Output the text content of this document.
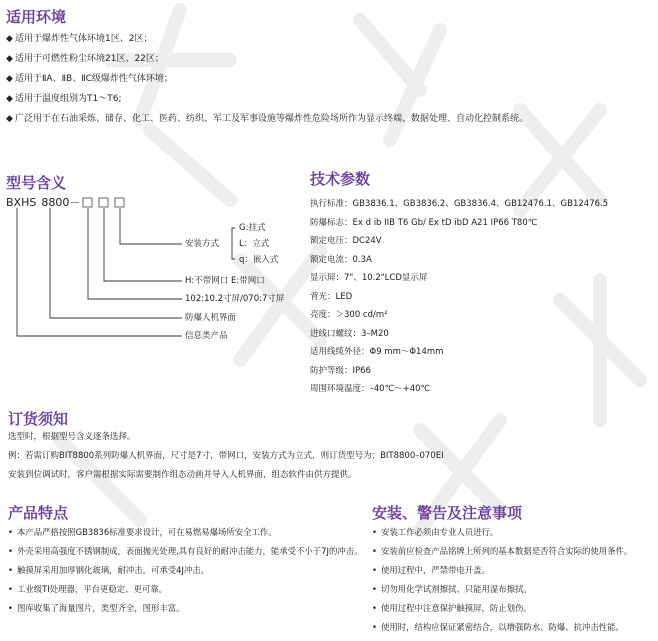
适用环境
◆ 适用于爆炸性气体环境1区、2区；
◆ 适用于可燃性粉尘环境21区、22区；
◆ 适用于ⅡA、ⅡB、ⅡC级爆炸性气体环境；
◆ 适用于温度组别为T1～T6;
◆ 广泛用于在石油采炼、储存、化工、医药、纺织、军工及军事设施等爆炸性危险场所作为显示终端、数据处理、自动化控制系统。
型号含义
BXHS 8800－
安装方式
G:挂式
L：立式
q：嵌入式
H:不带网口 E:带网口
102:10.2寸屏/070:7寸屏
防爆人机界面
信息类产品
技术参数
执行标准：GB3836.1、GB3836.2、GB3836.4、GB12476.1、GB12476.5
防爆标志：Ex d ib IIB T6 Gb/ Ex tD ibD A21 IP66 T80℃
额定电压：DC24V
额定电流：0.3A
显示屏：7"、10.2"LCD显示屏
背光：LED
亮度：＞300 cd/m²
进线口螺纹：3–M20
适用线缆外径：Φ9 mm～Φ14mm
防护等级：IP66
周围环境温度：–40℃～+40℃
订货须知
选型时，根据型号含义逐条选择。
例：若需订购BIT8800系列防爆人机界面，尺寸是7寸，带网口，安装方式为立式，则订货型号为：BIT8800–070EI
安装到位调试时，客户需根据实际需要制作组态动画并导入人机界面，组态软件由供方提供。
产品特点
• 本产品严格按照GB3836标准要求设计，可在易燃易爆场所安全工作。
• 外壳采用高强度不锈钢制成，表面抛光处理,具有良好的耐冲击能力，能承受不小于7J的冲击。
• 触摸屏采用加厚钢化玻璃，耐冲击，可承受4J冲击。
• 工业级TI处理器，平台更稳定、更可靠。
• 图库收集了海量图片，类型齐全，图形丰富。
安装、警告及注意事项
• 安装工作必须由专业人员进行。
• 安装前应检查产品铭牌上所列的基本数据是否符合实际的使用条件。
• 使用过程中，严禁带电开盖。
• 切勿用化学试剂擦拭、只能用湿布擦拭。
• 使用过程中注意保护触摸屏，防止划伤。
• 使用时，结构应保证紧密结合，以增强防水、防爆、抗冲击性能。
